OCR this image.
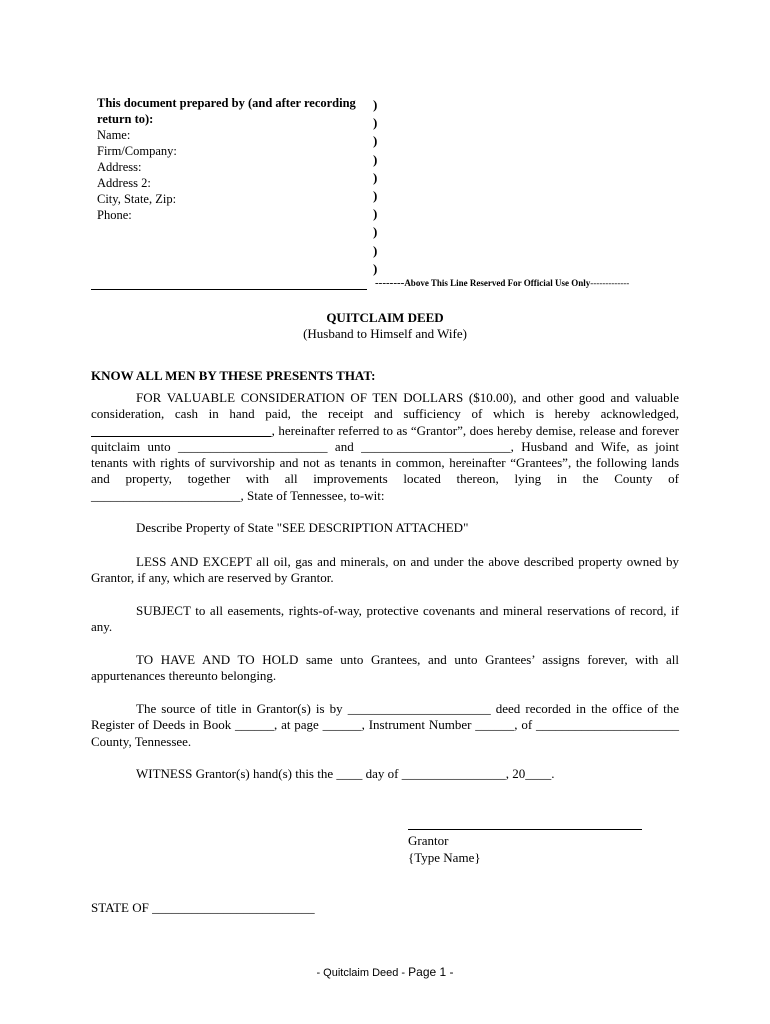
This document prepared by (and after recording return to):
Name:
Firm/Company:
Address:
Address 2:
City, State, Zip:
Phone:
)
)
)
)
)
)
)
)
)
)
--------Above This Line Reserved For Official Use Only-------------
QUITCLAIM DEED
(Husband to Himself and Wife)
KNOW ALL MEN BY THESE PRESENTS THAT:
FOR VALUABLE CONSIDERATION OF TEN DOLLARS ($10.00), and other good and valuable consideration, cash in hand paid, the receipt and sufficiency of which is hereby acknowledged,                                                    , hereinafter referred to as “Grantor”, does hereby demise, release and forever quitclaim unto _______________________ and _______________________, Husband and Wife, as joint tenants with rights of survivorship and not as tenants in common, hereinafter “Grantees”, the following lands and property, together with all improvements located thereon, lying in the County of _______________________, State of Tennessee, to-wit:
Describe Property of State "SEE DESCRIPTION ATTACHED"
LESS AND EXCEPT all oil, gas and minerals, on and under the above described property owned by Grantor, if any, which are reserved by Grantor.
SUBJECT to all easements, rights-of-way, protective covenants and mineral reservations of record, if any.
TO HAVE AND TO HOLD same unto Grantees, and unto Grantees’ assigns forever, with all appurtenances thereunto belonging.
The source of title in Grantor(s) is by ______________________ deed recorded in the office of the Register of Deeds in Book ______, at page ______, Instrument Number ______, of ______________________ County, Tennessee.
WITNESS Grantor(s) hand(s) this the ____ day of ________________, 20____.
Grantor
{Type Name}
STATE OF _________________________
- Quitclaim Deed - Page 1 -
